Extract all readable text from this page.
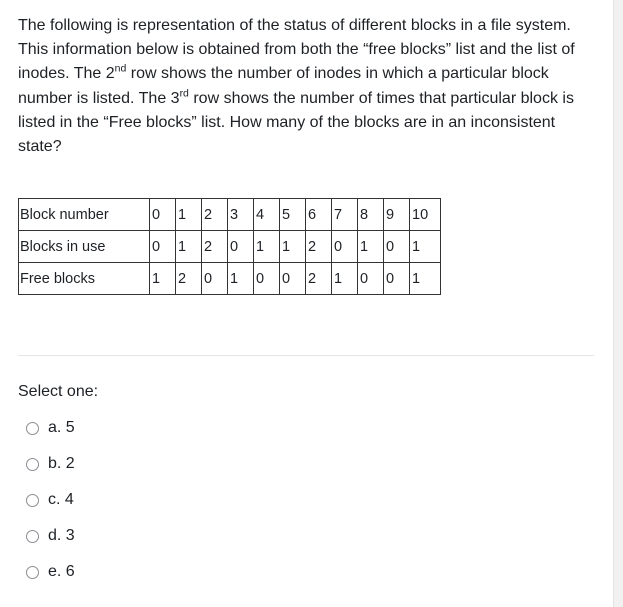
The following is representation of the status of different blocks in a file system.
This information below is obtained from both the “free blocks” list and the list of
inodes. The 2nd row shows the number of inodes in which a particular block
number is listed. The 3rd row shows the number of times that particular block is
listed in the “Free blocks” list. How many of the blocks are in an inconsistent
state?

Block number	0	1	2	3	4	5	6	7	8	9	10
Blocks in use	0	1	2	0	1	1	2	0	1	0	1
Free blocks	1	2	0	1	0	0	2	1	0	0	1
Select one:
a. 5
b. 2
c. 4
d. 3
e. 6
